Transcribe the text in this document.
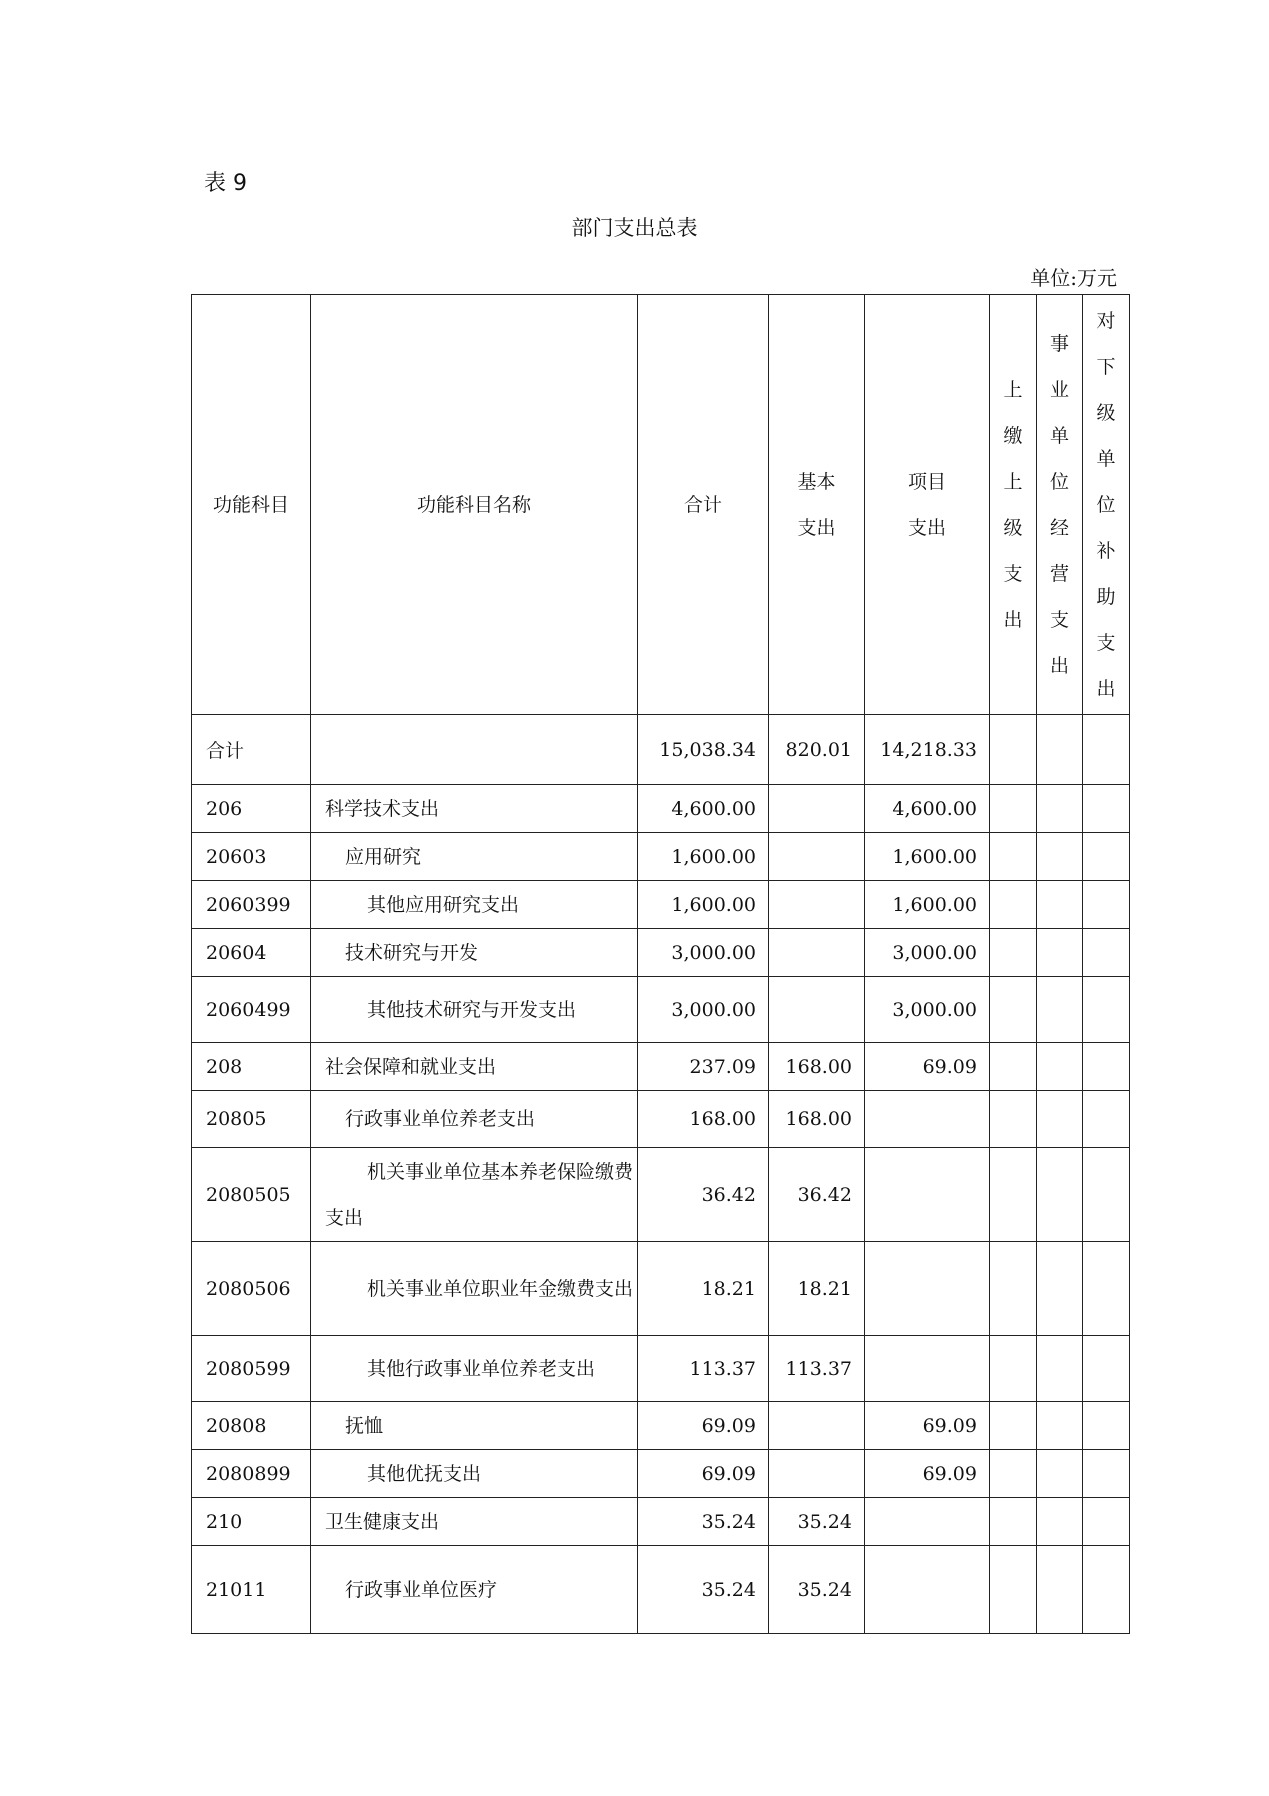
表 9
部门支出总表
单位:万元
功能科目	功能科目名称	合计	基本支出	项目支出	上缴上级支出	事业单位经营支出	对下级单位补助支出

合计		15,038.34	820.01	14,218.33			
206	科学技术支出	4,600.00		4,600.00			
20603	应用研究	1,600.00		1,600.00			
2060399	其他应用研究支出	1,600.00		1,600.00			
20604	技术研究与开发	3,000.00		3,000.00			
2060499	其他技术研究与开发支出	3,000.00		3,000.00			
208	社会保障和就业支出	237.09	168.00	69.09			
20805	行政事业单位养老支出	168.00	168.00				
2080505	机关事业单位基本养老保险缴费支出	36.42	36.42				
2080506	机关事业单位职业年金缴费支出	18.21	18.21				
2080599	其他行政事业单位养老支出	113.37	113.37				
20808	抚恤	69.09		69.09			
2080899	其他优抚支出	69.09		69.09			
210	卫生健康支出	35.24	35.24				
21011	行政事业单位医疗	35.24	35.24				
